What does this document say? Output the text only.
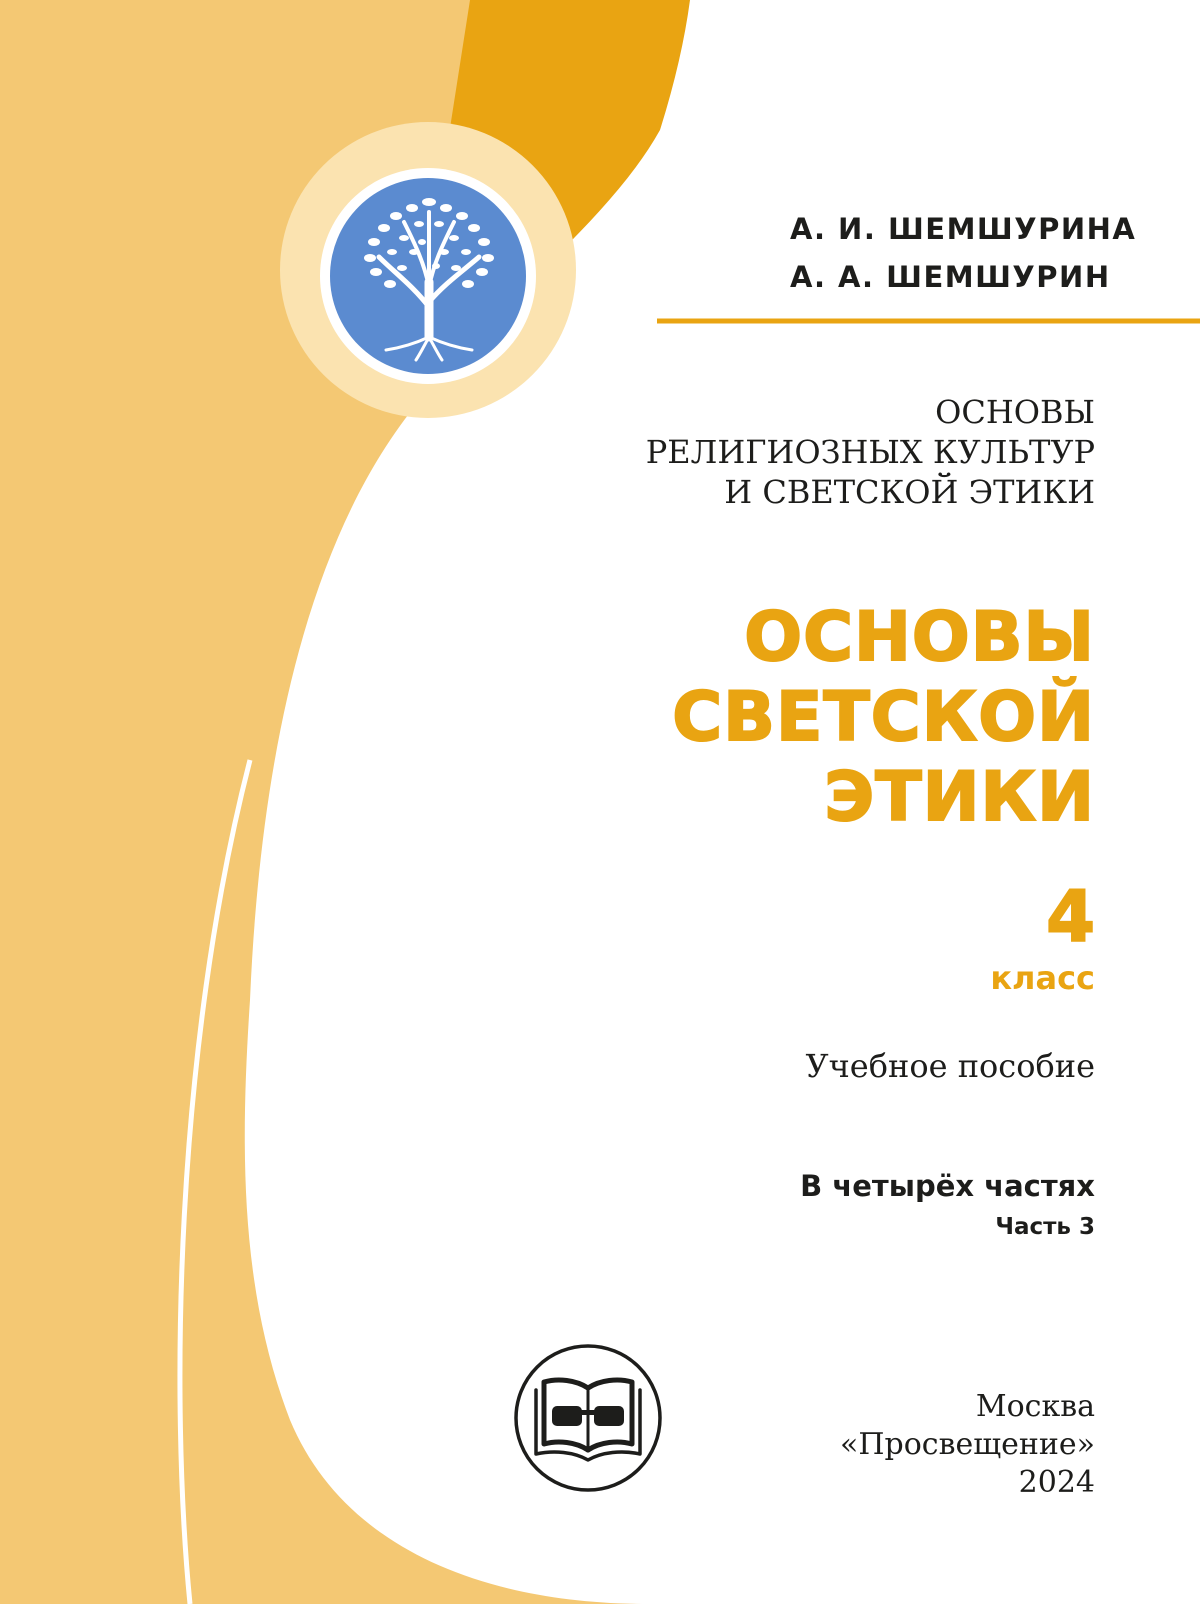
А. И. ШЕМШУРИНА

А. А. ШЕМШУРИН

ОСНОВЫ
РЕЛИГИОЗНЫХ КУЛЬТУР
И СВЕТСКОЙ ЭТИКИ
ОСНОВЫ
СВЕТСКОЙ
ЭТИКИ

4

класс

Учебное пособие

В четырёх частях

Часть 3

Москва
«Просвещение»
2024
